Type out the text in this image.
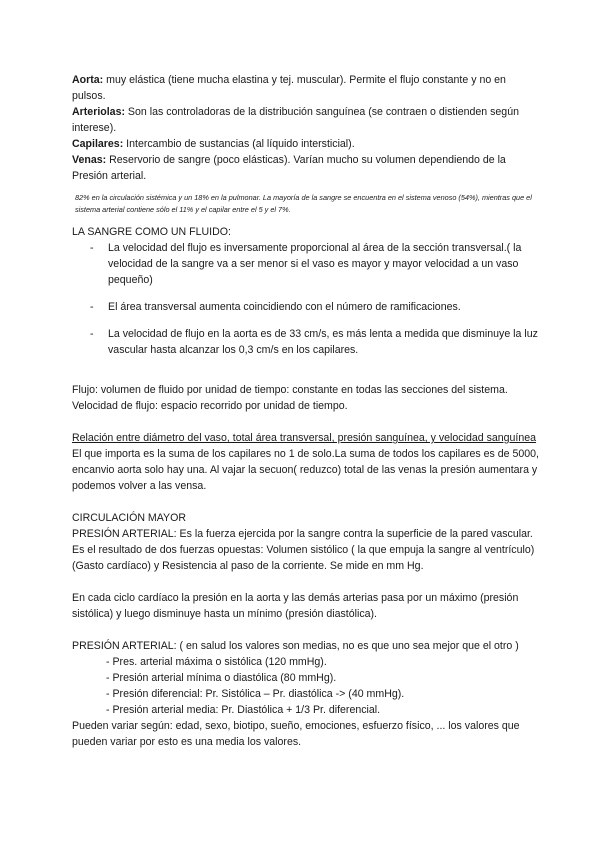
Aorta: muy elástica (tiene mucha elastina y tej. muscular). Permite el flujo constante y no en pulsos.

Arteriolas: Son las controladoras de la distribución sanguínea (se contraen o distienden según interese).

Capilares: Intercambio de sustancias (al líquido intersticial).

Venas: Reservorio de sangre (poco elásticas). Varían mucho su volumen dependiendo de la Presión arterial.

82% en la circulación sistémica y un 18% en la pulmonar. La mayoría de la sangre se encuentra en el sistema venoso (54%), mientras que el sistema arterial contiene sólo el 11% y el capilar entre el 5 y el 7%.

LA SANGRE COMO UN FLUIDO:

- La velocidad del flujo es inversamente proporcional al área de la sección transversal.( la velocidad de la sangre va a ser menor si el vaso es mayor y mayor velocidad a un vaso pequeño)
- El área transversal aumenta coincidiendo con el número de ramificaciones.
- La velocidad de flujo en la aorta es de 33 cm/s, es más lenta a medida que disminuye la luz vascular hasta alcanzar los 0,3 cm/s en los capilares.

Flujo: volumen de fluido por unidad de tiempo: constante en todas las secciones del sistema.

Velocidad de flujo: espacio recorrido por unidad de tiempo.

Relación entre diámetro del vaso, total área transversal, presión sanguínea, y velocidad sanguínea

El que importa es la suma de los capilares no 1 de solo.La suma de todos los capilares es de 5000, encanvio aorta solo hay una. Al vajar la secuon( reduzco) total de las venas la presión aumentara y podemos volver a las vensa.

CIRCULACIÓN MAYOR

PRESIÓN ARTERIAL: Es la fuerza ejercida por la sangre contra la superficie de la pared vascular. Es el resultado de dos fuerzas opuestas: Volumen sistólico ( la que empuja la sangre al ventrículo) (Gasto cardíaco) y Resistencia al paso de la corriente. Se mide en mm Hg.

En cada ciclo cardíaco la presión en la aorta y las demás arterias pasa por un máximo (presión sistólica) y luego disminuye hasta un mínimo (presión diastólica).

PRESIÓN ARTERIAL: ( en salud los valores son medias, no es que uno sea mejor que el otro )

- Pres. arterial máxima o sistólica (120 mmHg).
- Presión arterial mínima o diastólica (80 mmHg).
- Presión diferencial: Pr. Sistólica – Pr. diastólica -> (40 mmHg).
- Presión arterial media: Pr. Diastólica + 1/3 Pr. diferencial.

Pueden variar según: edad, sexo, biotipo, sueño, emociones, esfuerzo físico, ... los valores que pueden variar por esto es una media los valores.
